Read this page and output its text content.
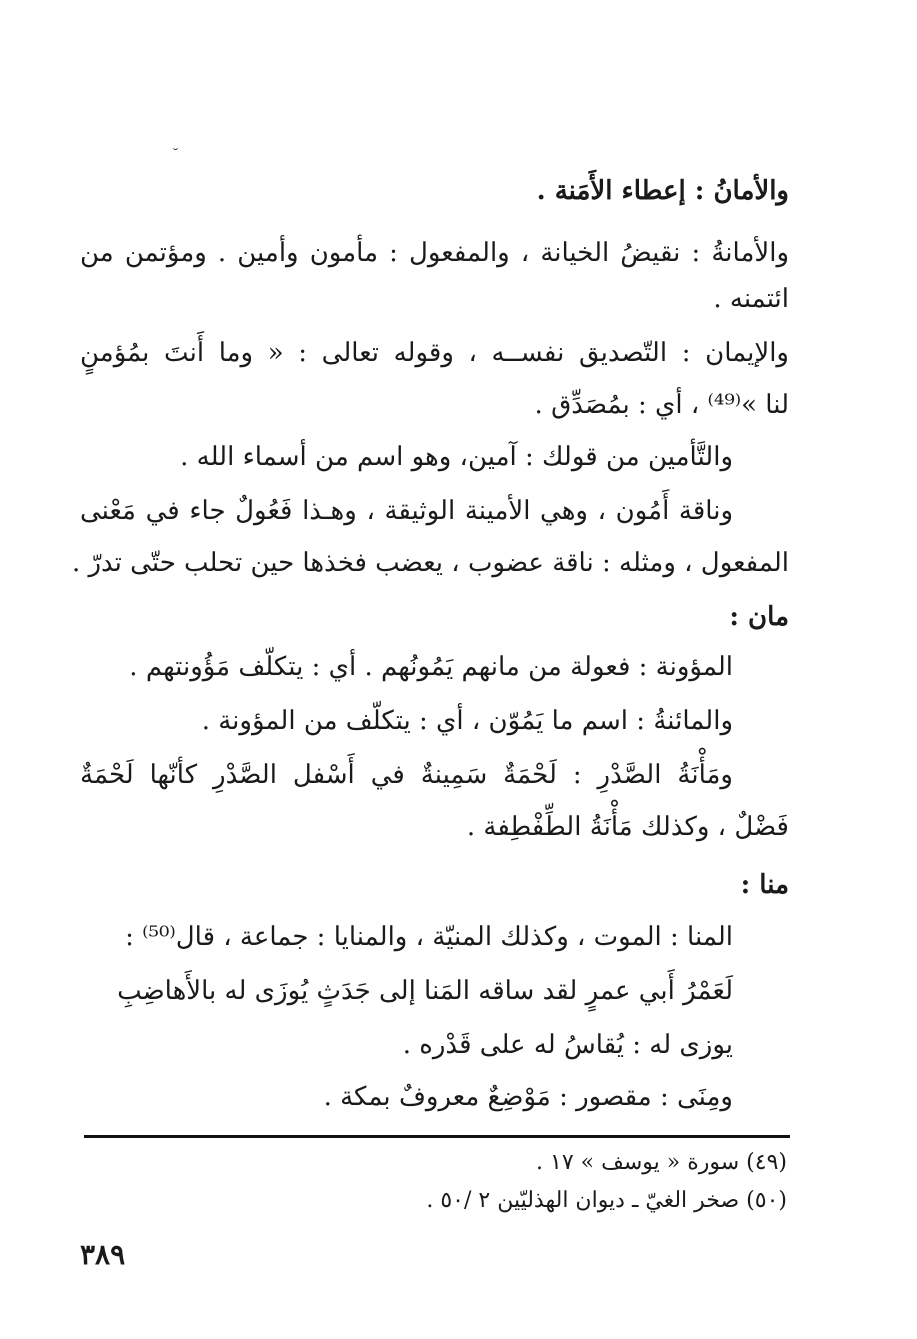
˘
والأمانُ : إعطاء الأَمَنة .
والأمانةُ : نقيضُ الخيانة ، والمفعول : مأمون وأمين . ومؤتمن من
ائتمنه .
والإيمان : التّصديق نفســه ، وقوله تعالى : « وما أَنتَ بمُؤمنٍ
لنا »⁽⁴⁹⁾ ، أي : بمُصَدِّق .
والتَّأمين من قولك : آمين، وهو اسم من أسماء الله .
وناقة أَمُون ، وهي الأمينة الوثيقة ، وهـذا فَعُولٌ جاء في مَعْنى
المفعول ، ومثله : ناقة عضوب ، يعضب فخذها حين تحلب حتّى تدرّ .
مان :
المؤونة : فعولة من مانهم يَمُونُهم . أي : يتكلّف مَؤُونتهم .
والمائنةُ : اسم ما يَمُوّن ، أي : يتكلّف من المؤونة .
ومَأْنَةُ الصَّدْرِ : لَحْمَةٌ سَمِينةٌ في أَسْفل الصَّدْرِ كأنّها لَحْمَةٌ
فَضْلٌ ، وكذلك مَأْنَةُ الطِّفْطِفة .
منا :
المنا : الموت ، وكذلك المنيّة ، والمنايا : جماعة ، قال⁽⁵⁰⁾ :
لَعَمْرُ أَبي عمرٍ لقد ساقه المَنا إلى جَدَثٍ يُوزَى له بالأَهاضِبِ
يوزى له : يُقاسُ له على قَدْره .
ومِنَى : مقصور : مَوْضِعٌ معروفٌ بمكة .
(٤٩) سورة « يوسف » ١٧ .
(٥٠) صخر الغيّ ـ ديوان الهذليّين ٢ /٥٠ .
٣٨٩
